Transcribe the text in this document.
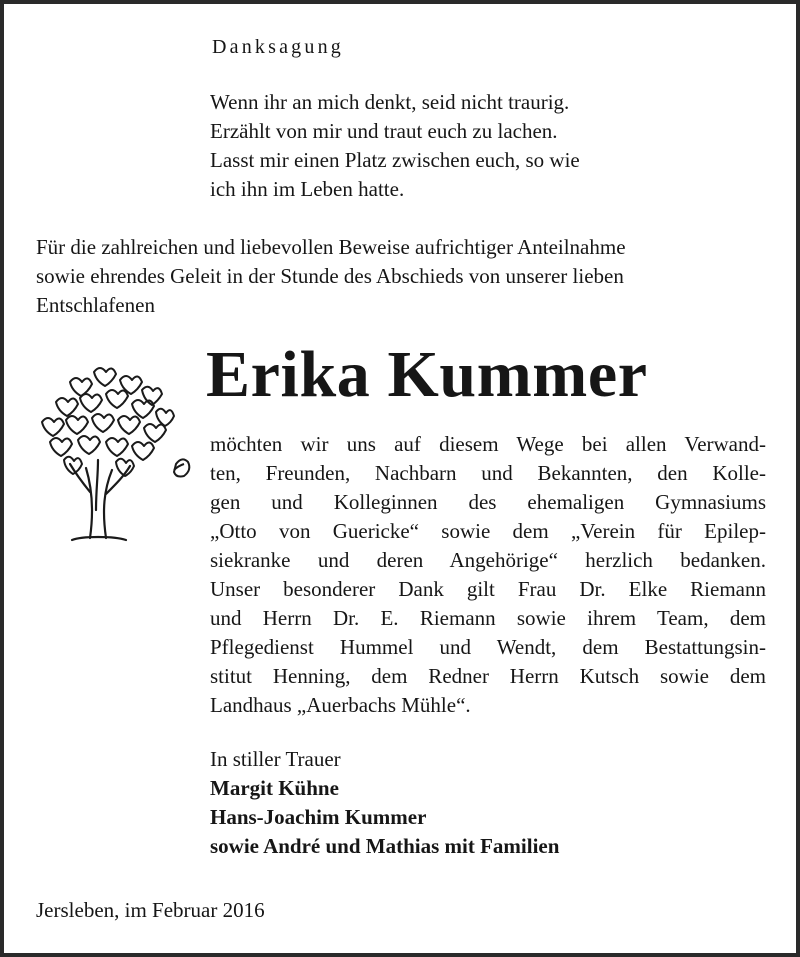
Danksagung
Wenn ihr an mich denkt, seid nicht traurig.
Erzählt von mir und traut euch zu lachen.
Lasst mir einen Platz zwischen euch, so wie
ich ihn im Leben hatte.
Für die zahlreichen und liebevollen Beweise aufrichtiger Anteilnahme
sowie ehrendes Geleit in der Stunde des Abschieds von unserer lieben
Entschlafenen
Erika Kummer
möchten wir uns auf diesem Wege bei allen Verwand-
ten, Freunden, Nachbarn und Bekannten, den Kolle-
gen und Kolleginnen des ehemaligen Gymnasiums
„Otto von Guericke“ sowie dem „Verein für Epilep-
siekranke und deren Angehörige“ herzlich bedanken.
Unser besonderer Dank gilt Frau Dr. Elke Riemann
und Herrn Dr. E. Riemann sowie ihrem Team, dem
Pflegedienst Hummel und Wendt, dem Bestattungsin-
stitut Henning, dem Redner Herrn Kutsch sowie dem
Landhaus „Auerbachs Mühle“.
In stiller Trauer
Margit Kühne
Hans-Joachim Kummer
sowie André und Mathias mit Familien
Jersleben, im Februar 2016
